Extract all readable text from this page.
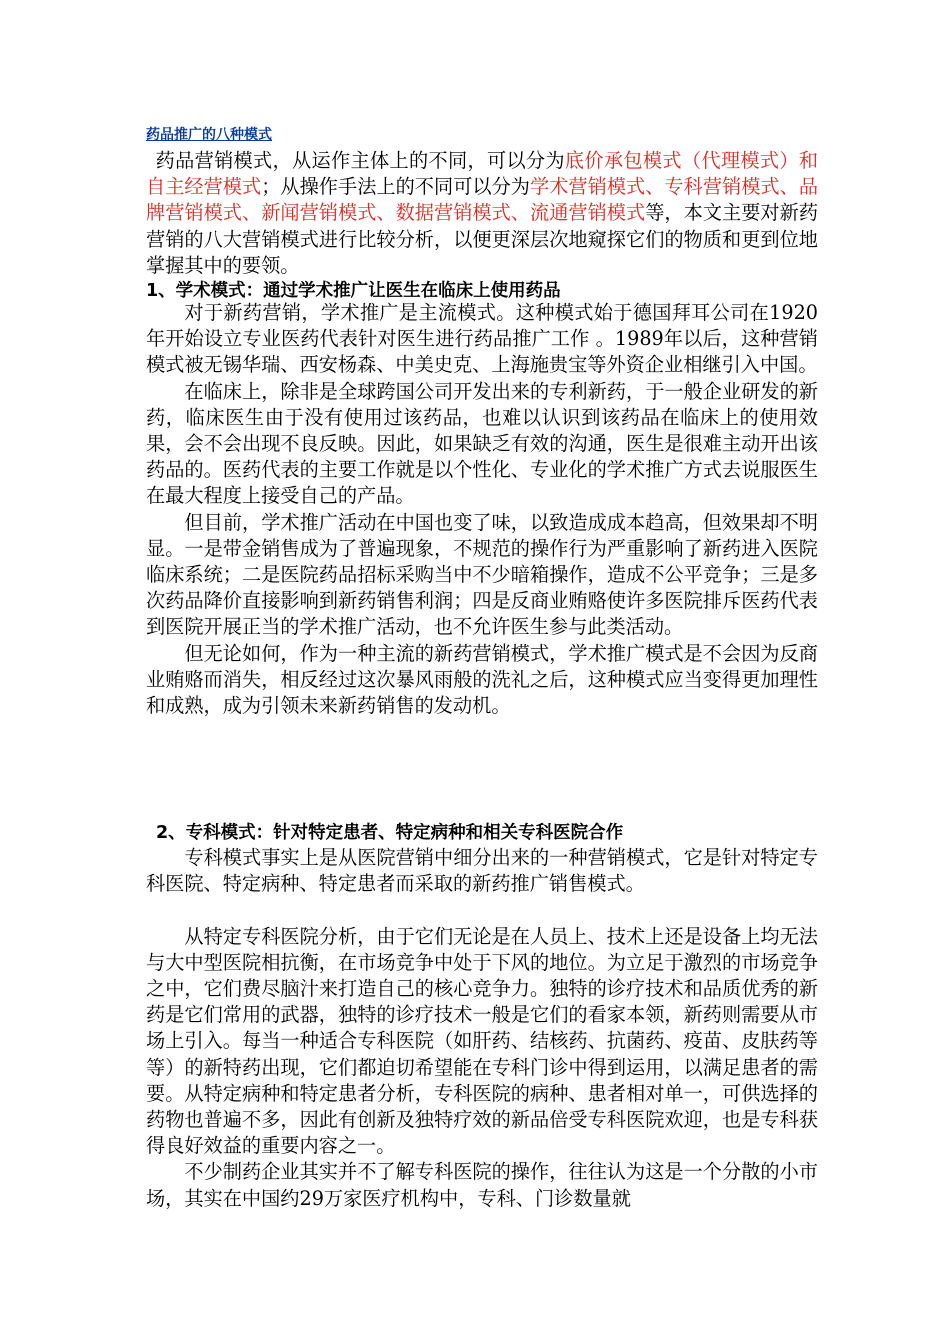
药品推广的八种模式

药品营销模式，从运作主体上的不同，可以分为底价承包模式（代理模式）和自主经营模式；从操作手法上的不同可以分为学术营销模式、专科营销模式、品牌营销模式、新闻营销模式、数据营销模式、流通营销模式等，本文主要对新药营销的八大营销模式进行比较分析，以便更深层次地窥探它们的物质和更到位地掌握其中的要领。

1、学术模式：通过学术推广让医生在临床上使用药品

对于新药营销，学术推广是主流模式。这种模式始于德国拜耳公司在1920年开始设立专业医药代表针对医生进行药品推广工作 。1989年以后，这种营销模式被无锡华瑞、西安杨森、中美史克、上海施贵宝等外资企业相继引入中国。

在临床上，除非是全球跨国公司开发出来的专利新药，于一般企业研发的新药，临床医生由于没有使用过该药品，也难以认识到该药品在临床上的使用效果，会不会出现不良反映。因此，如果缺乏有效的沟通，医生是很难主动开出该药品的。医药代表的主要工作就是以个性化、专业化的学术推广方式去说服医生在最大程度上接受自己的产品。

但目前，学术推广活动在中国也变了味，以致造成成本趋高，但效果却不明显。一是带金销售成为了普遍现象，不规范的操作行为严重影响了新药进入医院临床系统；二是医院药品招标采购当中不少暗箱操作，造成不公平竞争；三是多次药品降价直接影响到新药销售利润；四是反商业贿赂使许多医院排斥医药代表到医院开展正当的学术推广活动，也不允许医生参与此类活动。

但无论如何，作为一种主流的新药营销模式，学术推广模式是不会因为反商业贿赂而消失，相反经过这次暴风雨般的洗礼之后，这种模式应当变得更加理性和成熟，成为引领未来新药销售的发动机。

2、专科模式：针对特定患者、特定病种和相关专科医院合作

专科模式事实上是从医院营销中细分出来的一种营销模式，它是针对特定专科医院、特定病种、特定患者而采取的新药推广销售模式。

从特定专科医院分析，由于它们无论是在人员上、技术上还是设备上均无法与大中型医院相抗衡，在市场竞争中处于下风的地位。为立足于激烈的市场竞争之中，它们费尽脑汁来打造自己的核心竞争力。独特的诊疗技术和品质优秀的新药是它们常用的武器，独特的诊疗技术一般是它们的看家本领，新药则需要从市场上引入。每当一种适合专科医院（如肝药、结核药、抗菌药、疫苗、皮肤药等等）的新特药出现，它们都迫切希望能在专科门诊中得到运用，以满足患者的需要。从特定病种和特定患者分析，专科医院的病种、患者相对单一，可供选择的药物也普遍不多，因此有创新及独特疗效的新品倍受专科医院欢迎，也是专科获得良好效益的重要内容之一。

不少制药企业其实并不了解专科医院的操作，往往认为这是一个分散的小市场，其实在中国约29万家医疗机构中，专科、门诊数量就
